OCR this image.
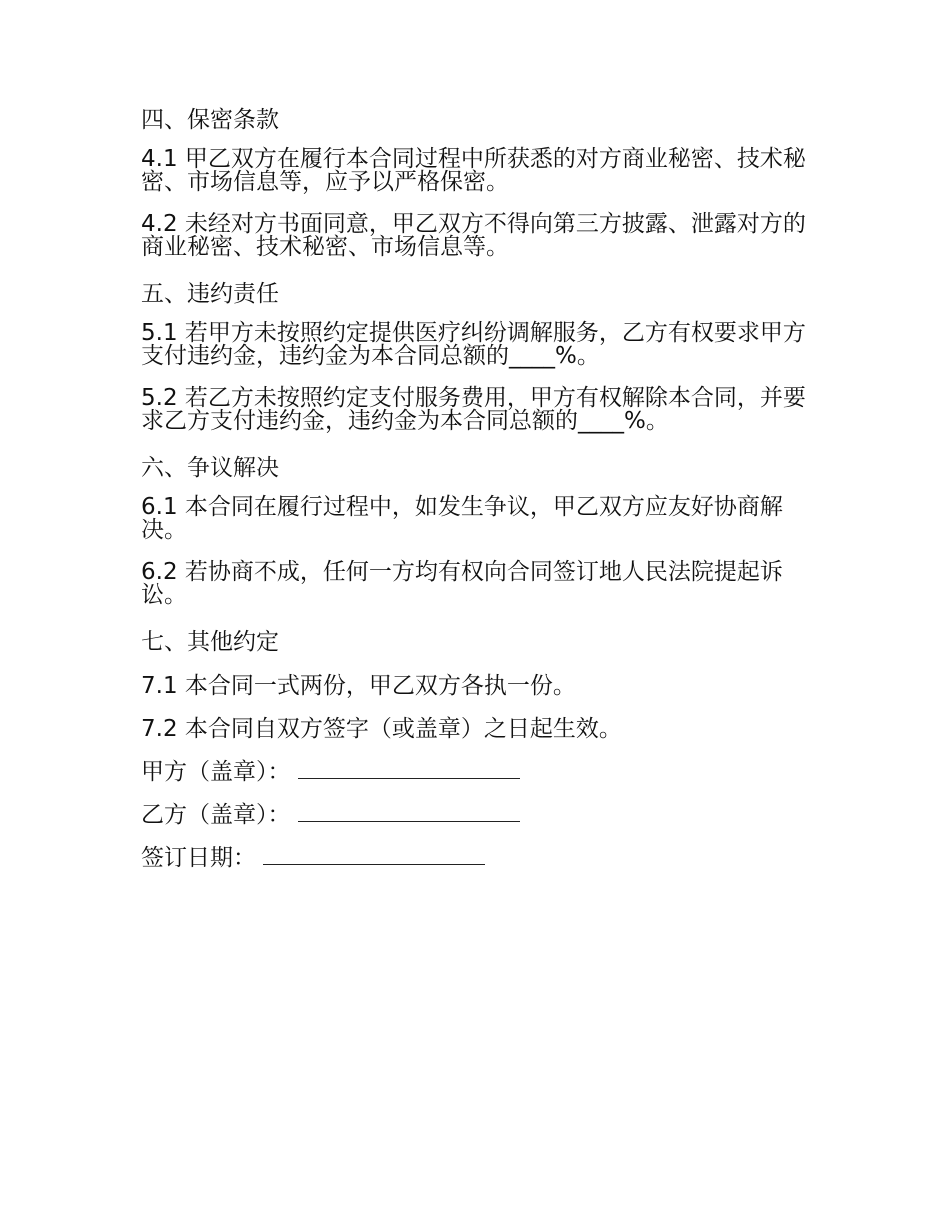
四、保密条款
4.1 甲乙双方在履行本合同过程中所获悉的对方商业秘密、技术秘密、市场信息等，应予以严格保密。
4.2 未经对方书面同意，甲乙双方不得向第三方披露、泄露对方的商业秘密、技术秘密、市场信息等。
五、违约责任
5.1 若甲方未按照约定提供医疗纠纷调解服务，乙方有权要求甲方支付违约金，违约金为本合同总额的____%。
5.2 若乙方未按照约定支付服务费用，甲方有权解除本合同，并要求乙方支付违约金，违约金为本合同总额的____%。
六、争议解决
6.1 本合同在履行过程中，如发生争议，甲乙双方应友好协商解决。
6.2 若协商不成，任何一方均有权向合同签订地人民法院提起诉讼。
七、其他约定
7.1 本合同一式两份，甲乙双方各执一份。
7.2 本合同自双方签字（或盖章）之日起生效。
甲方（盖章）：
乙方（盖章）：
签订日期：
